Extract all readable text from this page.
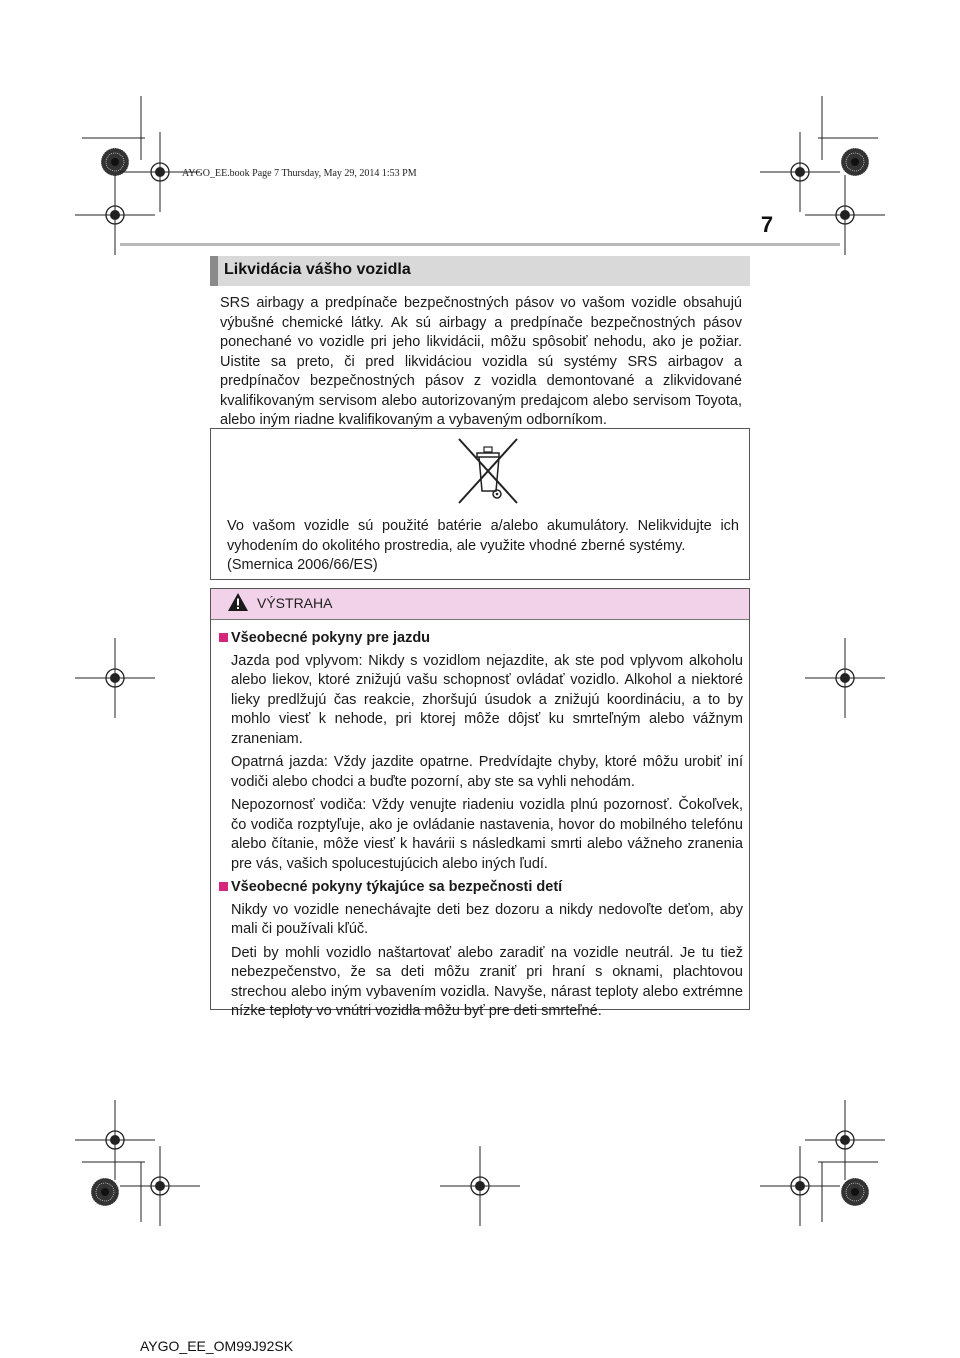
AYGO_EE.book Page 7 Thursday, May 29, 2014 1:53 PM
7
Likvidácia vášho vozidla
SRS airbagy a predpínače bezpečnostných pásov vo vašom vozidle obsahujú výbušné chemické látky. Ak sú airbagy a predpínače bezpečnostných pásov ponechané vo vozidle pri jeho likvidácii, môžu spôsobiť nehodu, ako je požiar. Uistite sa preto, či pred likvidáciou vozidla sú systémy SRS airbagov a predpínačov bezpečnostných pásov z vozidla demontované a zlikvidované kvalifikovaným servisom alebo autorizovaným predajcom alebo servisom Toyota, alebo iným riadne kvalifikovaným a vybaveným odborníkom.
Vo vašom vozidle sú použité batérie a/alebo akumulátory. Nelikvidujte ich vyhodením do okolitého prostredia, ale využite vhodné zberné systémy.
(Smernica 2006/66/ES)
VÝSTRAHA
Všeobecné pokyny pre jazdu

Jazda pod vplyvom: Nikdy s vozidlom nejazdite, ak ste pod vplyvom alkoholu alebo liekov, ktoré znižujú vašu schopnosť ovládať vozidlo. Alkohol a niektoré lieky predlžujú čas reakcie, zhoršujú úsudok a znižujú koordináciu, a to by mohlo viesť k nehode, pri ktorej môže dôjsť ku smrteľným alebo vážnym zraneniam.

Opatrná jazda: Vždy jazdite opatrne. Predvídajte chyby, ktoré môžu urobiť iní vodiči alebo chodci a buďte pozorní, aby ste sa vyhli nehodám.

Nepozornosť vodiča: Vždy venujte riadeniu vozidla plnú pozornosť. Čokoľvek, čo vodiča rozptyľuje, ako je ovládanie nastavenia, hovor do mobilného telefónu alebo čítanie, môže viesť k havárii s následkami smrti alebo vážneho zranenia pre vás, vašich spolucestujúcich alebo iných ľudí.

Všeobecné pokyny týkajúce sa bezpečnosti detí

Nikdy vo vozidle nenechávajte deti bez dozoru a nikdy nedovoľte deťom, aby mali či používali kľúč.

Deti by mohli vozidlo naštartovať alebo zaradiť na vozidle neutrál. Je tu tiež nebezpečenstvo, že sa deti môžu zraniť pri hraní s oknami, plachtovou strechou alebo iným vybavením vozidla. Navyše, nárast teploty alebo extrémne nízke teploty vo vnútri vozidla môžu byť pre deti smrteľné.

AYGO_EE_OM99J92SK
